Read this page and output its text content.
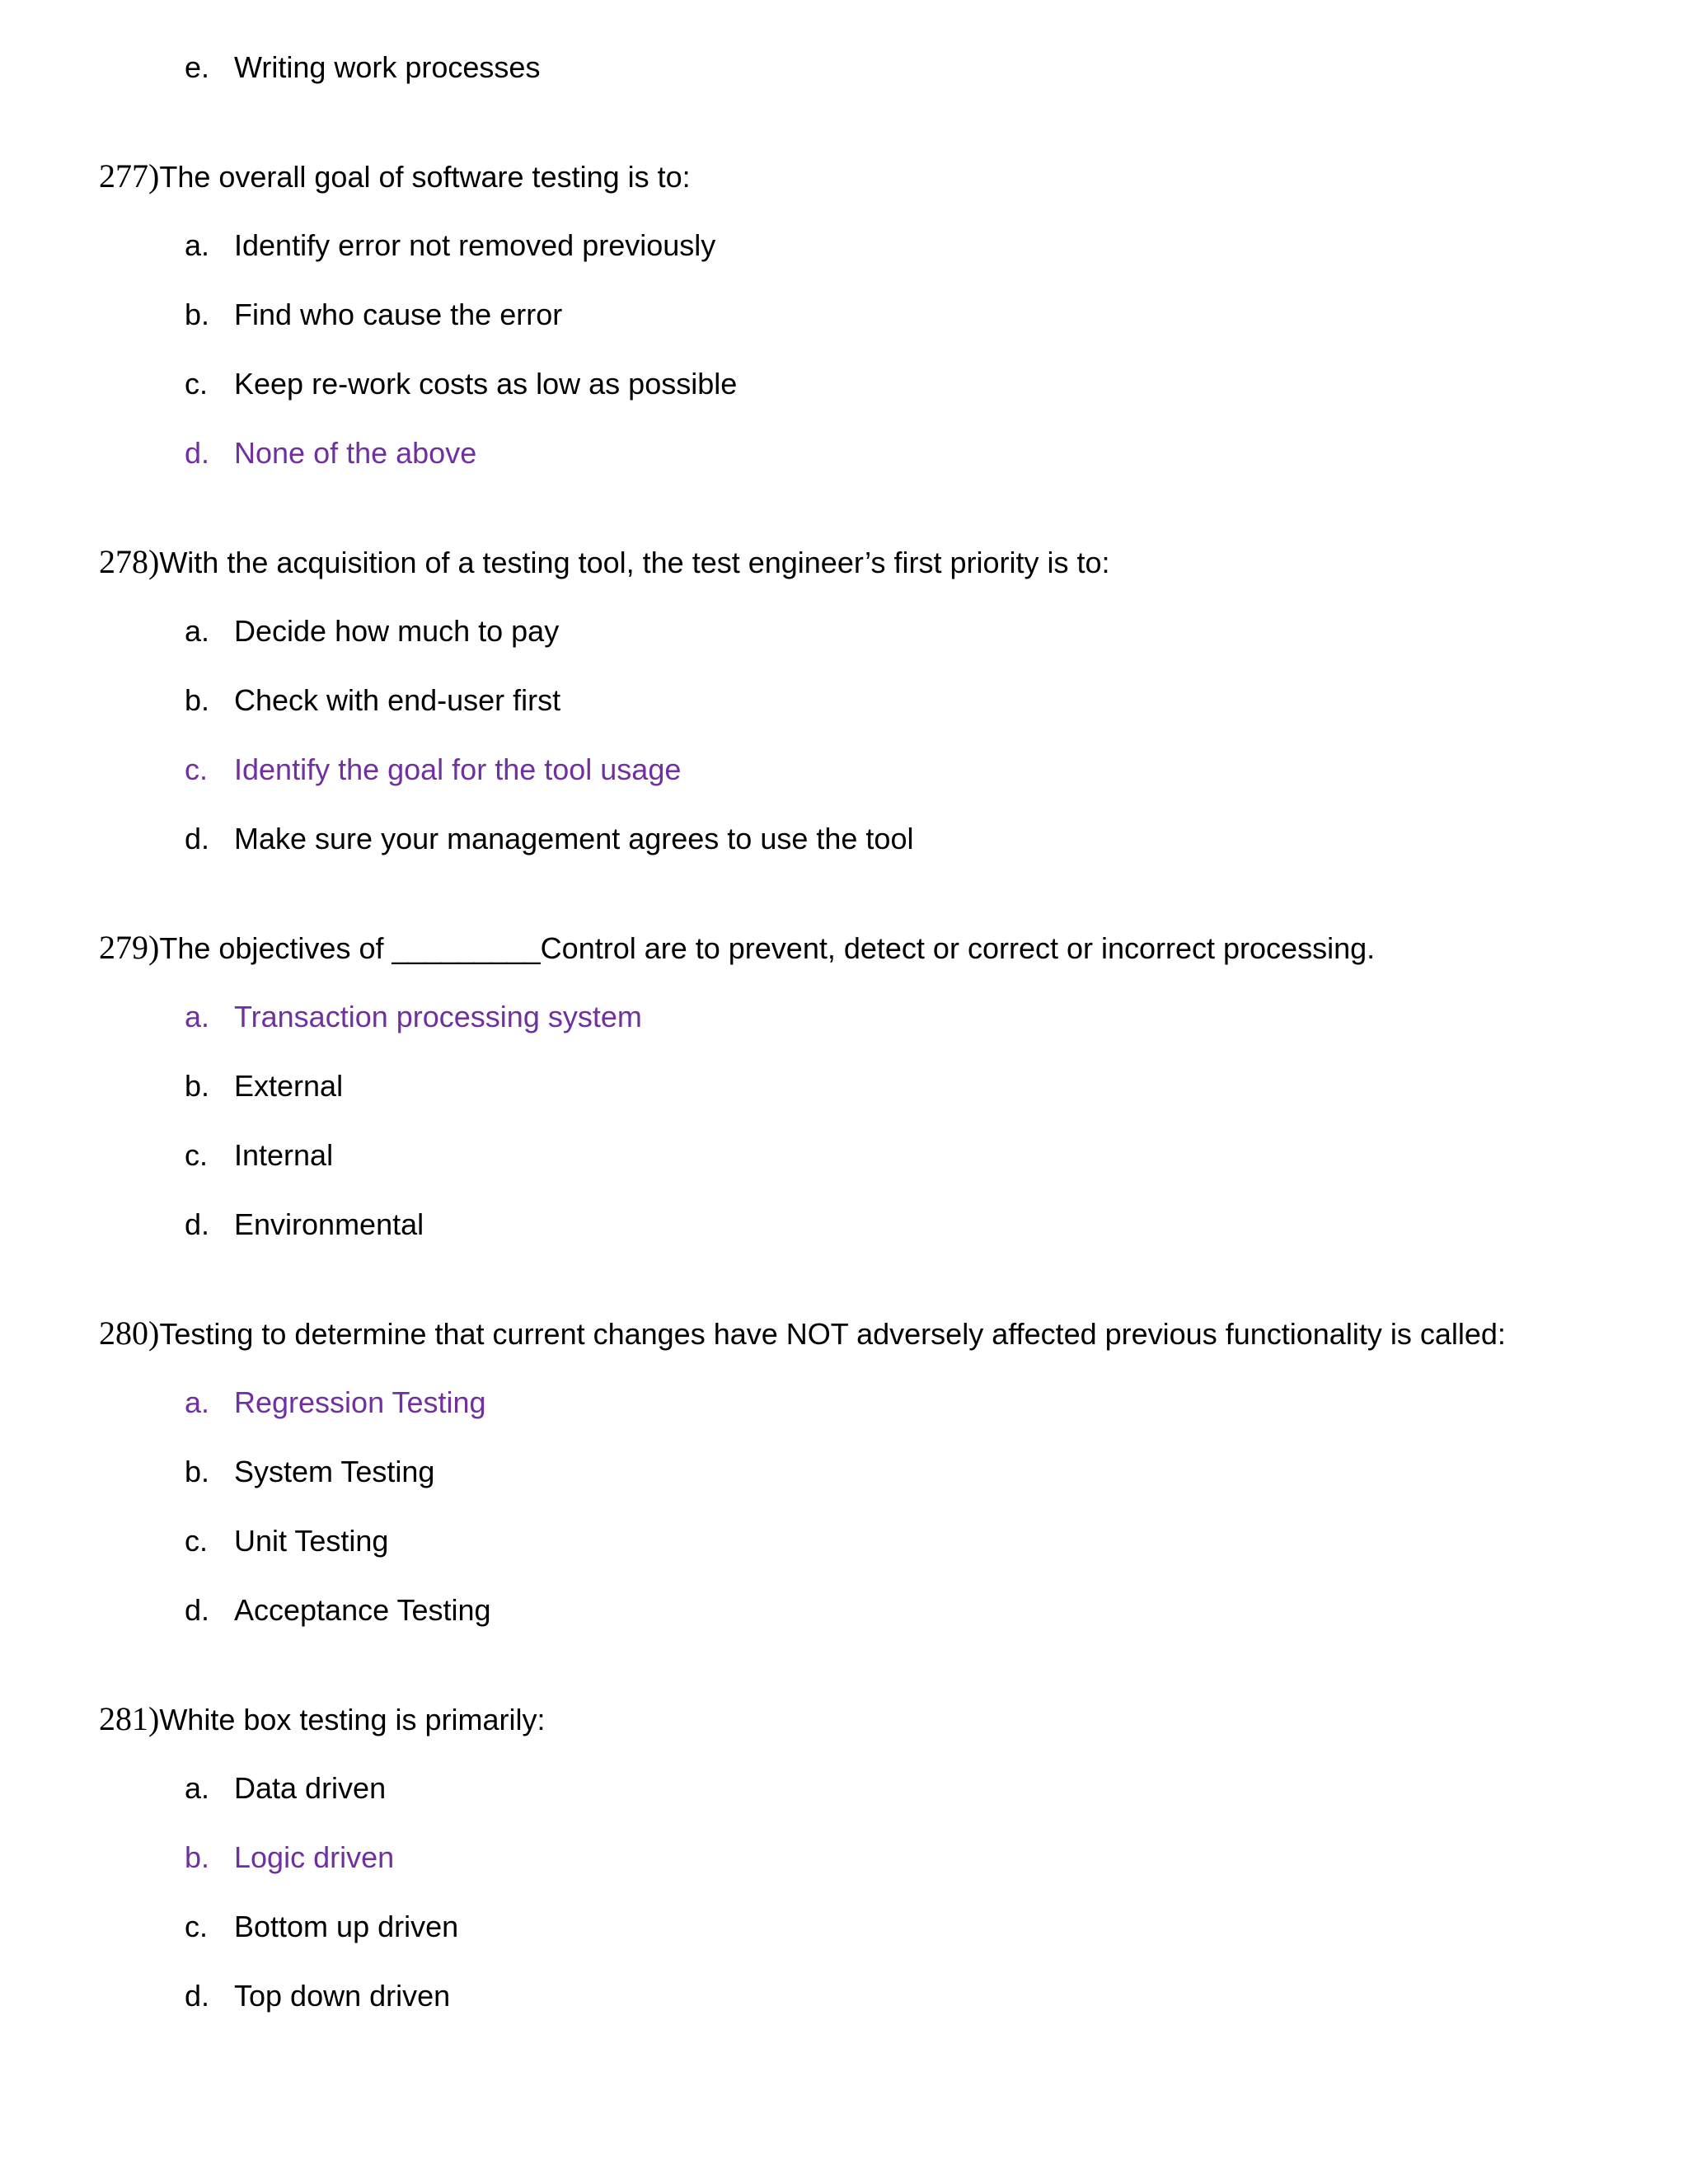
e. Writing work processes
277)The overall goal of software testing is to:
a. Identify error not removed previously
b. Find who cause the error
c. Keep re-work costs as low as possible
d. None of the above
278)With the acquisition of a testing tool, the test engineer’s first priority is to:
a. Decide how much to pay
b. Check with end-user first
c. Identify the goal for the tool usage
d. Make sure your management agrees to use the tool
279)The objectives of _________Control are to prevent, detect or correct or incorrect processing.
a. Transaction processing system
b. External
c. Internal
d. Environmental
280)Testing to determine that current changes have NOT adversely affected previous functionality is called:
a. Regression Testing
b. System Testing
c. Unit Testing
d. Acceptance Testing
281)White box testing is primarily:
a. Data driven
b. Logic driven
c. Bottom up driven
d. Top down driven
